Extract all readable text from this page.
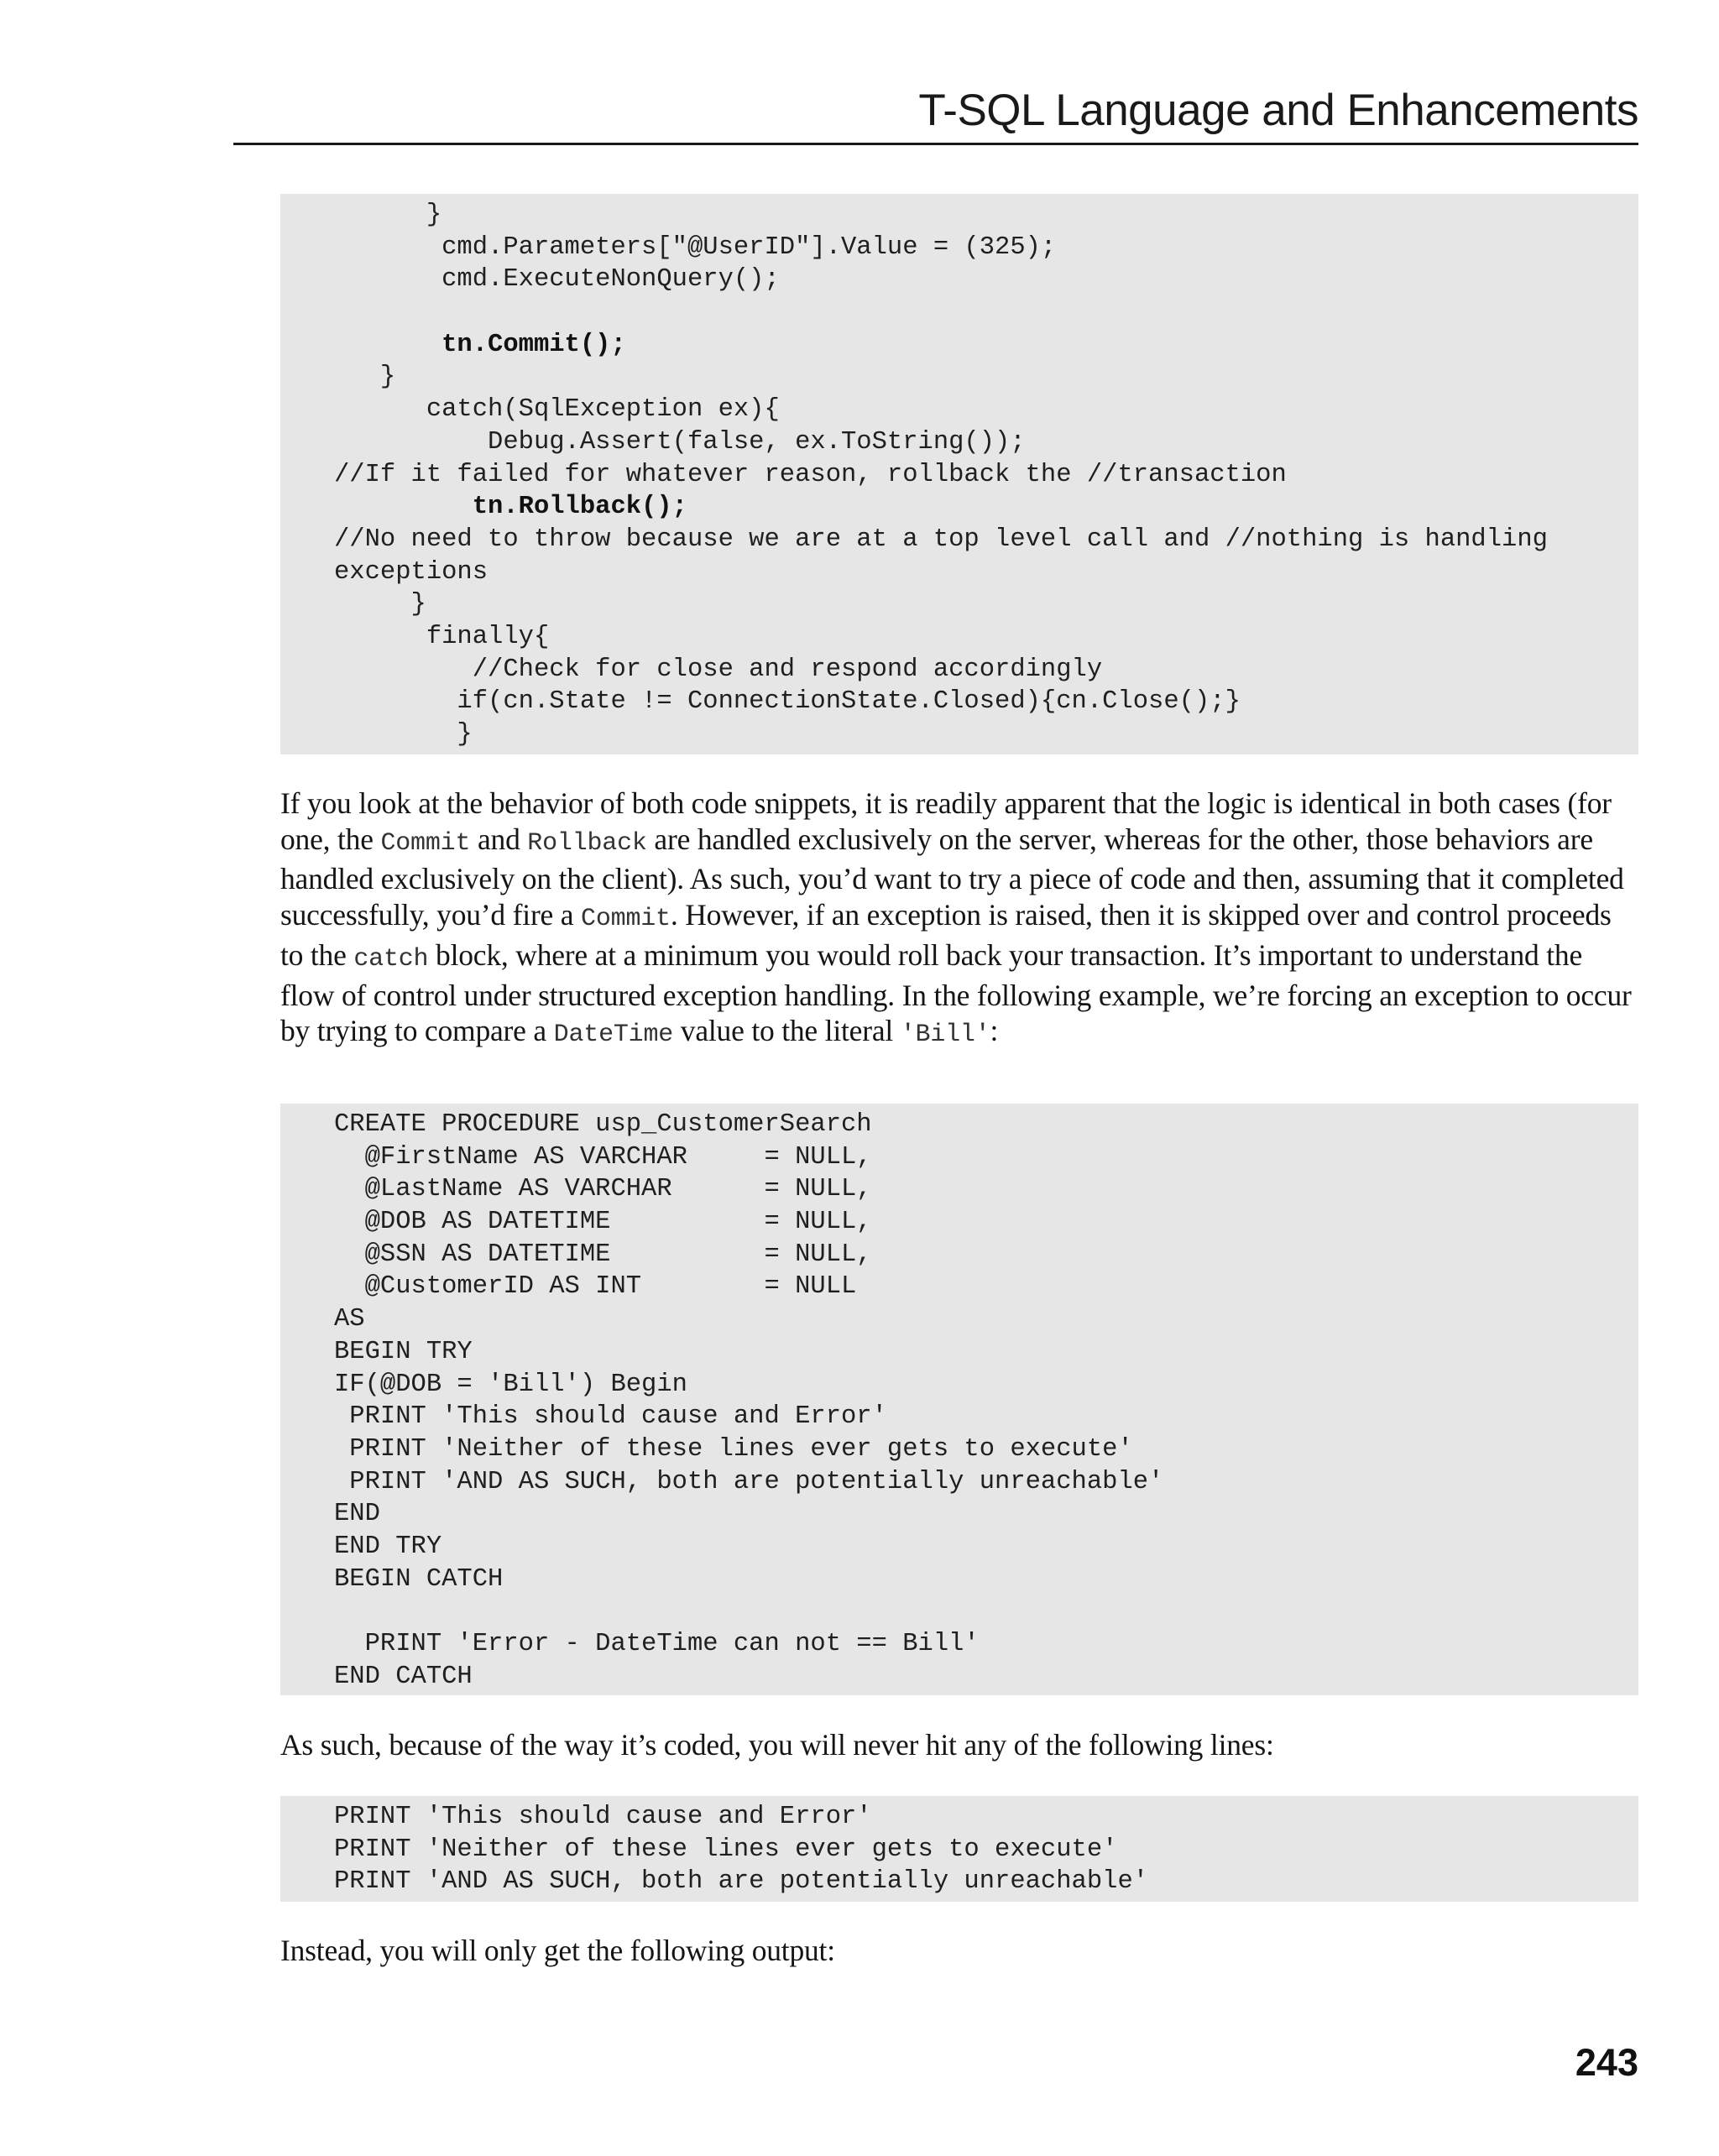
T-SQL Language and Enhancements
}
cmd.Parameters["@UserID"].Value = (325);
cmd.ExecuteNonQuery();
tn.Commit();
}
catch(SqlException ex){
Debug.Assert(false, ex.ToString());
//If it failed for whatever reason, rollback the //transaction
tn.Rollback();
//No need to throw because we are at a top level call and //nothing is handling
exceptions
}
finally{
//Check for close and respond accordingly
if(cn.State != ConnectionState.Closed){cn.Close();}
}

If you look at the behavior of both code snippets, it is readily apparent that the logic is identical in both cases (for one, the Commit and Rollback are handled exclusively on the server, whereas for the other, those behaviors are handled exclusively on the client). As such, you’d want to try a piece of code and then, assuming that it completed successfully, you’d fire a Commit. However, if an exception is raised, then it is skipped over and control proceeds to the catch block, where at a minimum you would roll back your transaction. It’s important to understand the flow of control under structured exception handling. In the following example, we’re forcing an exception to occur by trying to compare a DateTime value to the literal 'Bill':

CREATE PROCEDURE usp_CustomerSearch
@FirstName AS VARCHAR     = NULL,
@LastName AS VARCHAR      = NULL,
@DOB AS DATETIME          = NULL,
@SSN AS DATETIME          = NULL,
@CustomerID AS INT        = NULL
AS
BEGIN TRY
IF(@DOB = 'Bill') Begin
PRINT 'This should cause and Error'
PRINT 'Neither of these lines ever gets to execute'
PRINT 'AND AS SUCH, both are potentially unreachable'
END
END TRY
BEGIN CATCH
PRINT 'Error - DateTime can not == Bill'
END CATCH

As such, because of the way it’s coded, you will never hit any of the following lines:

PRINT 'This should cause and Error'
PRINT 'Neither of these lines ever gets to execute'
PRINT 'AND AS SUCH, both are potentially unreachable'

Instead, you will only get the following output:

243
